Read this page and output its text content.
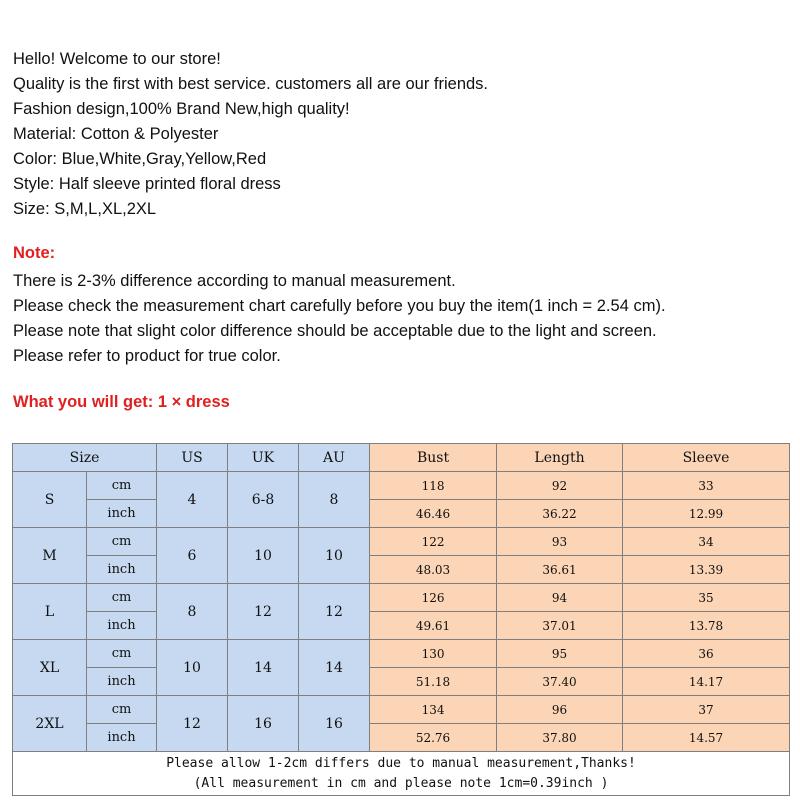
Hello! Welcome to our store!
Quality is the first with best service. customers all are our friends.
Fashion design,100% Brand New,high quality!
Material: Cotton & Polyester
Color: Blue,White,Gray,Yellow,Red
Style: Half sleeve printed floral dress
Size: S,M,L,XL,2XL
Note:
There is 2-3% difference according to manual measurement.
Please check the measurement chart carefully before you buy the item(1 inch = 2.54 cm).
Please note that slight color difference should be acceptable due to the light and screen.
Please refer to product for true color.
What you will get: 1 × dress
Size		US	UK	AU	Bust	Length	Sleeve
S	cm	4	6-8	8	118	92	33
	inch				46.46	36.22	12.99
M	cm	6	10	10	122	93	34
	inch				48.03	36.61	13.39
L	cm	8	12	12	126	94	35
	inch				49.61	37.01	13.78
XL	cm	10	14	14	130	95	36
	inch				51.18	37.40	14.17
2XL	cm	12	16	16	134	96	37
	inch				52.76	37.80	14.57

Please allow 1-2cm differs due to manual measurement,Thanks!
(All measurement in cm and please note 1cm=0.39inch )							
